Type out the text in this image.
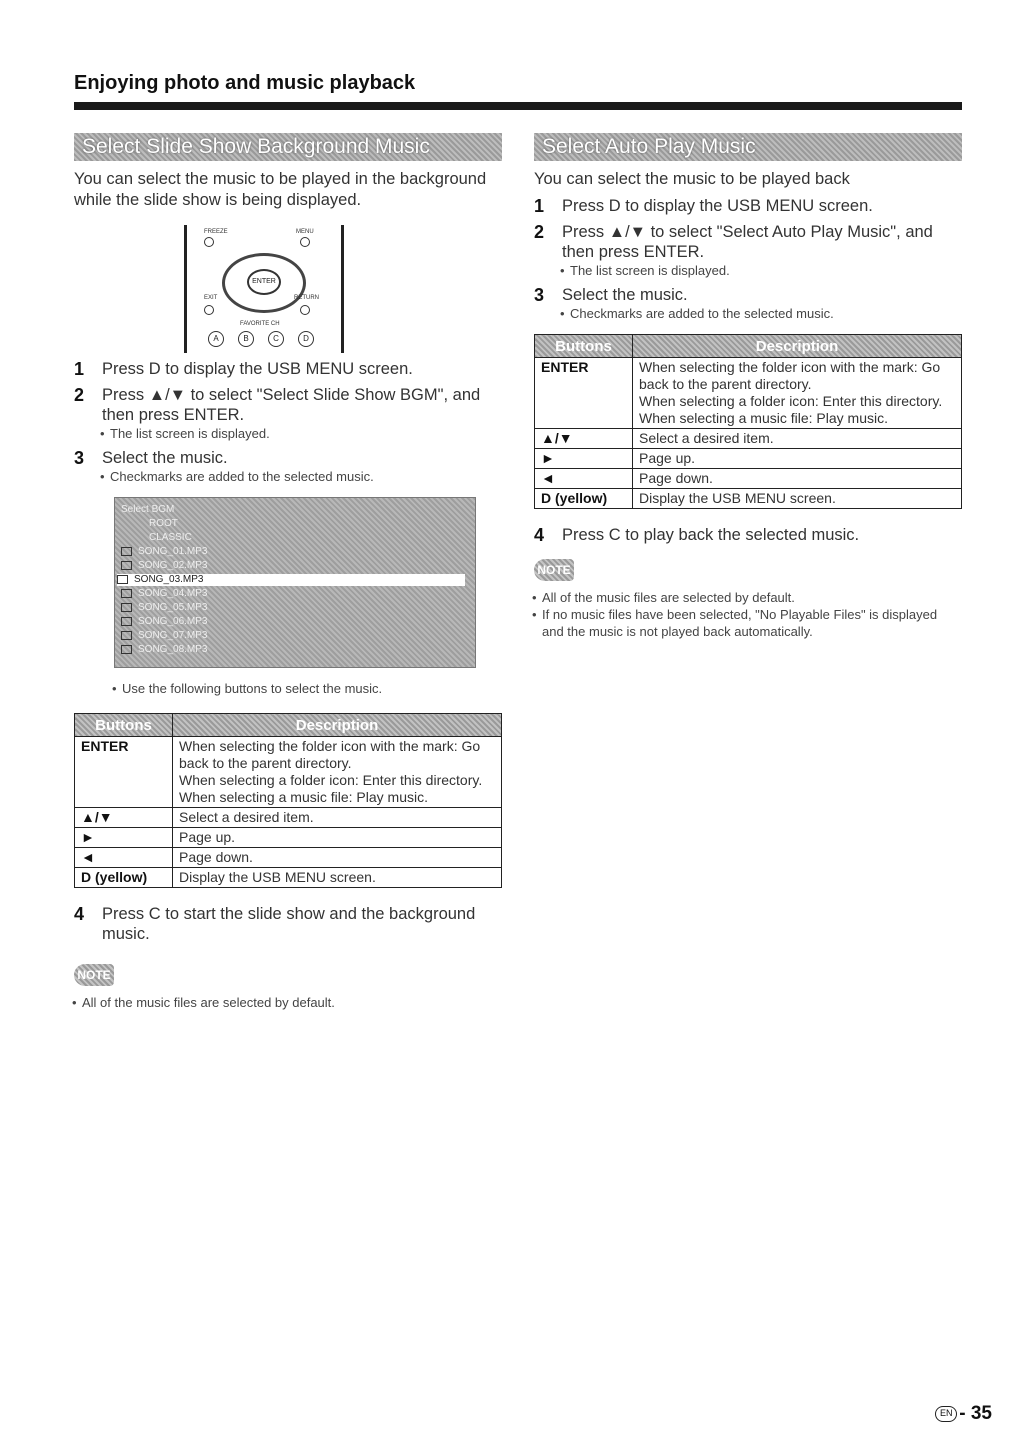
Enjoying photo and music playback
Select Slide Show Background Music

You can select the music to be played in the background while the slide show is being displayed.

FREEZE	MENU
ENTER
EXIT	RETURN
FAVORITE CH
A	B	C	D
1	Press D to display the USB MENU screen.
2	Press ▲/▼ to select "Select Slide Show BGM", and then press ENTER.
• The list screen is displayed.
3	Select the music.
• Checkmarks are added to the selected music.
Select BGM
ROOT
CLASSIC
SONG_01.MP3
SONG_02.MP3
SONG_03.MP3
SONG_04.MP3
SONG_05.MP3
SONG_06.MP3
SONG_07.MP3
SONG_08.MP3
• Use the following buttons to select the music.
Buttons	Description
ENTER	When selecting the folder icon with the mark: Go back to the parent directory.
When selecting a folder icon: Enter this directory.
When selecting a music file: Play music.
▲/▼	Select a desired item.
►	Page up.
◄	Page down.
D (yellow)	Display the USB MENU screen.
4	Press C to start the slide show and the background music.
NOTE
• All of the music files are selected by default.
Select Auto Play Music

You can select the music to be played back

1	Press D to display the USB MENU screen.
2	Press ▲/▼ to select "Select Auto Play Music", and then press ENTER.
• The list screen is displayed.
3	Select the music.
• Checkmarks are added to the selected music.
Buttons	Description
ENTER	When selecting the folder icon with the mark: Go back to the parent directory.
When selecting a folder icon: Enter this directory.
When selecting a music file: Play music.
▲/▼	Select a desired item.
►	Page up.
◄	Page down.
D (yellow)	Display the USB MENU screen.
4	Press C to play back the selected music.
NOTE
• All of the music files are selected by default.
• If no music files have been selected, "No Playable Files" is displayed and the music is not played back automatically.
EN - 35
